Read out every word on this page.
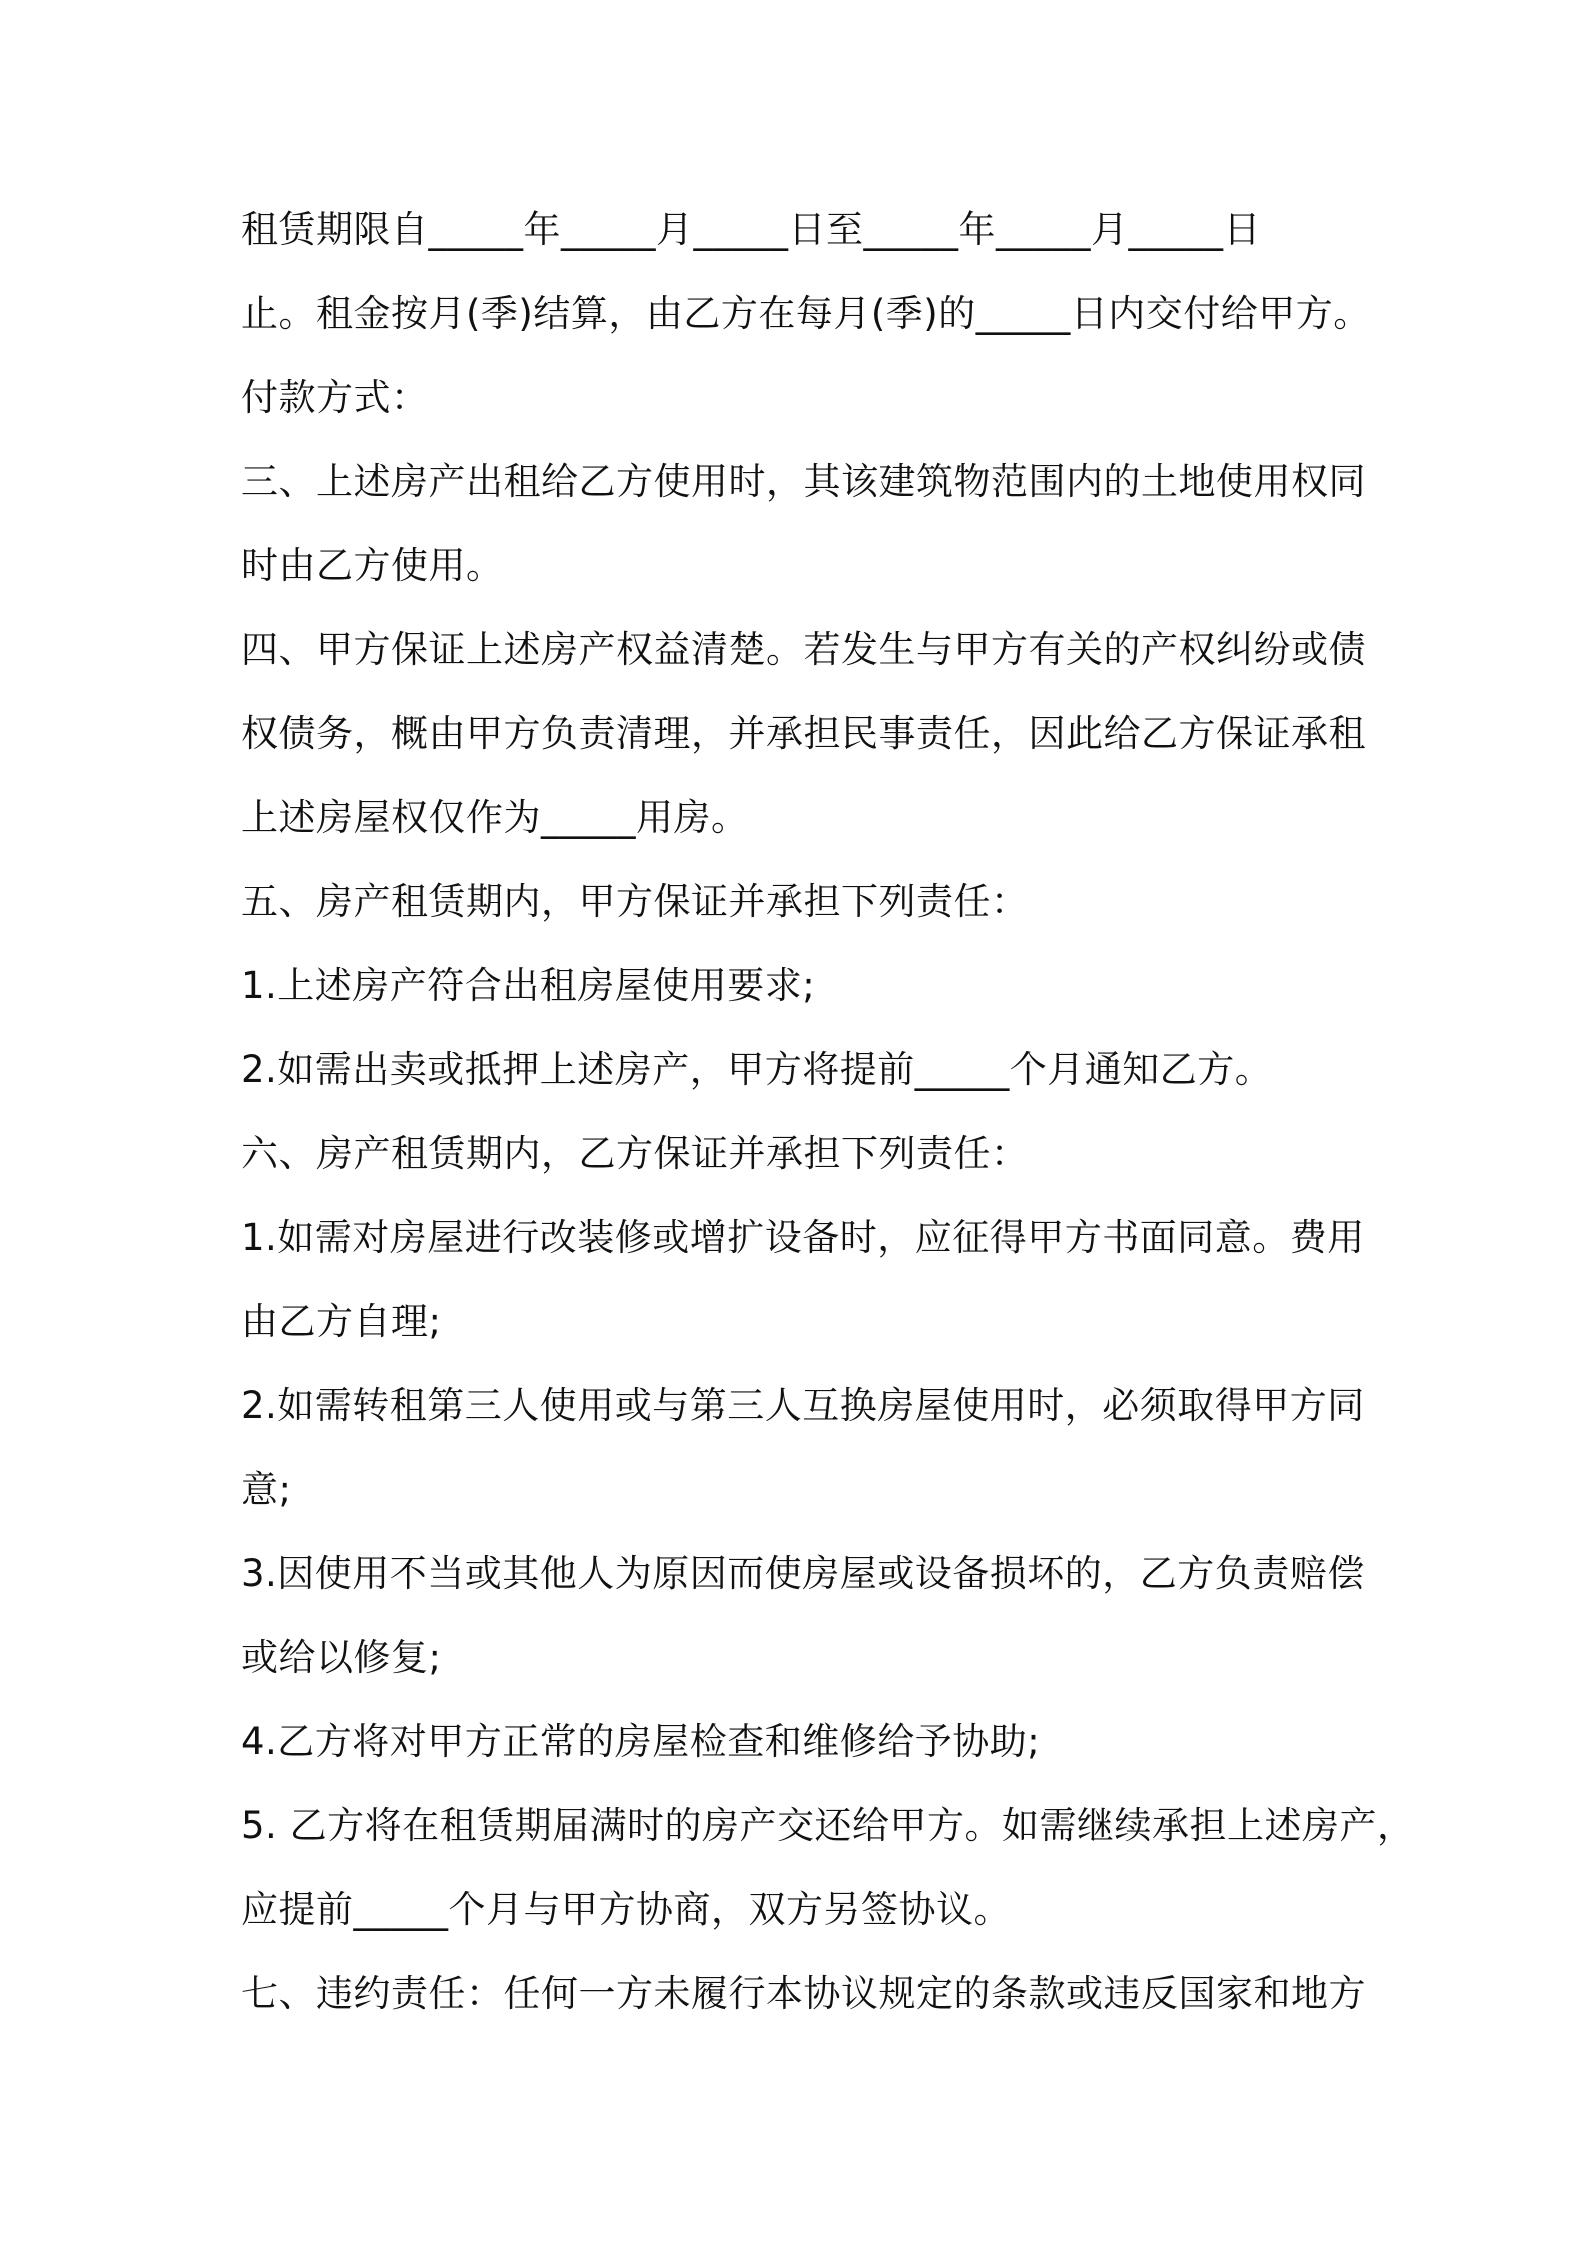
租赁期限自_____年_____月_____日至_____年_____月_____日
止。租金按月(季)结算，由乙方在每月(季)的_____日内交付给甲方。
付款方式：
三、上述房产出租给乙方使用时，其该建筑物范围内的土地使用权同
时由乙方使用。
四、甲方保证上述房产权益清楚。若发生与甲方有关的产权纠纷或债
权债务，概由甲方负责清理，并承担民事责任，因此给乙方保证承租
上述房屋权仅作为_____用房。
五、房产租赁期内，甲方保证并承担下列责任：
1.上述房产符合出租房屋使用要求;
2.如需出卖或抵押上述房产，甲方将提前_____个月通知乙方。
六、房产租赁期内，乙方保证并承担下列责任：
1.如需对房屋进行改装修或增扩设备时，应征得甲方书面同意。费用
由乙方自理;
2.如需转租第三人使用或与第三人互换房屋使用时，必须取得甲方同
意;
3.因使用不当或其他人为原因而使房屋或设备损坏的，乙方负责赔偿
或给以修复;
4.乙方将对甲方正常的房屋检查和维修给予协助;
5. 乙方将在租赁期届满时的房产交还给甲方。如需继续承担上述房产，
应提前_____个月与甲方协商，双方另签协议。
七、违约责任：任何一方未履行本协议规定的条款或违反国家和地方
